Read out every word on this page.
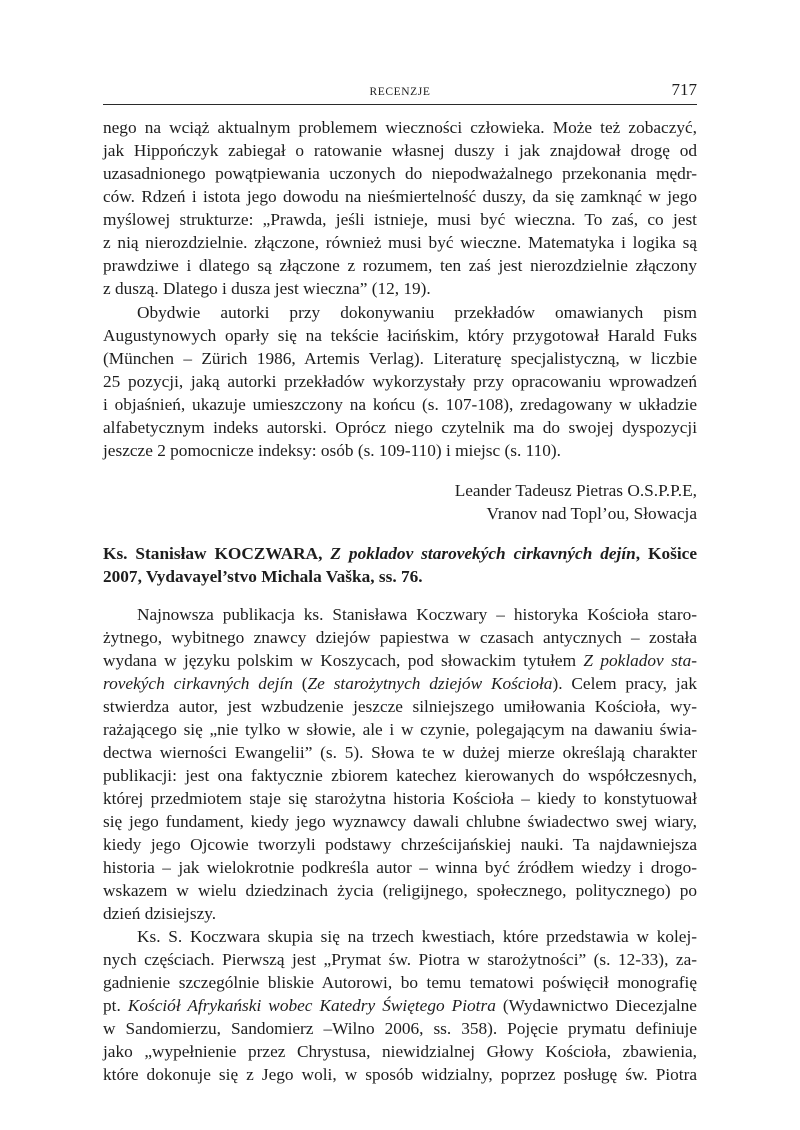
RECENZJE	717
nego na wciąż aktualnym problemem wieczności człowieka. Może też zobaczyć,
jak Hippończyk zabiegał o ratowanie własnej duszy i jak znajdował drogę od
uzasadnionego powątpiewania uczonych do niepodważalnego przekonania mędr-
ców. Rdzeń i istota jego dowodu na nieśmiertelność duszy, da się zamknąć w jego
myślowej strukturze: „Prawda, jeśli istnieje, musi być wieczna. To zaś, co jest
z nią nierozdzielnie. złączone, również musi być wieczne. Matematyka i logika są
prawdziwe i dlatego są złączone z rozumem, ten zaś jest nierozdzielnie złączony
z duszą. Dlatego i dusza jest wieczna” (12, 19).
Obydwie autorki przy dokonywaniu przekładów omawianych pism
Augustynowych oparły się na tekście łacińskim, który przygotował Harald Fuks
(München – Zürich 1986, Artemis Verlag). Literaturę specjalistyczną, w liczbie
25 pozycji, jaką autorki przekładów wykorzystały przy opracowaniu wprowadzeń
i objaśnień, ukazuje umieszczony na końcu (s. 107-108), zredagowany w układzie
alfabetycznym indeks autorski. Oprócz niego czytelnik ma do swojej dyspozycji
jeszcze 2 pomocnicze indeksy: osób (s. 109-110) i miejsc (s. 110).
Leander Tadeusz Pietras O.S.P.P.E,
Vranov nad Topl’ou, Słowacja
Ks. Stanisław KOCZWARA, Z pokladov starovekých cirkavných dejín, Košice
2007, Vydavayel’stvo Michala Vaška, ss. 76.
Najnowsza publikacja ks. Stanisława Koczwary – historyka Kościoła staro-
żytnego, wybitnego znawcy dziejów papiestwa w czasach antycznych – została
wydana w języku polskim w Koszycach, pod słowackim tytułem Z pokladov sta-
rovekých cirkavných dejín (Ze starożytnych dziejów Kościoła). Celem pracy, jak
stwierdza autor, jest wzbudzenie jeszcze silniejszego umiłowania Kościoła, wy-
rażającego się „nie tylko w słowie, ale i w czynie, polegającym na dawaniu świa-
dectwa wierności Ewangelii” (s. 5). Słowa te w dużej mierze określają charakter
publikacji: jest ona faktycznie zbiorem katechez kierowanych do współczesnych,
której przedmiotem staje się starożytna historia Kościoła – kiedy to konstytuował
się jego fundament, kiedy jego wyznawcy dawali chlubne świadectwo swej wiary,
kiedy jego Ojcowie tworzyli podstawy chrześcijańskiej nauki. Ta najdawniejsza
historia – jak wielokrotnie podkreśla autor – winna być źródłem wiedzy i drogo-
wskazem w wielu dziedzinach życia (religijnego, społecznego, politycznego) po
dzień dzisiejszy.
Ks. S. Koczwara skupia się na trzech kwestiach, które przedstawia w kolej-
nych częściach. Pierwszą jest „Prymat św. Piotra w starożytności” (s. 12-33), za-
gadnienie szczególnie bliskie Autorowi, bo temu tematowi poświęcił monografię
pt. Kościół Afrykański wobec Katedry Świętego Piotra (Wydawnictwo Diecezjalne
w Sandomierzu, Sandomierz –Wilno 2006, ss. 358). Pojęcie prymatu definiuje
jako „wypełnienie przez Chrystusa, niewidzialnej Głowy Kościoła, zbawienia,
które dokonuje się z Jego woli, w sposób widzialny, poprzez posługę św. Piotra
